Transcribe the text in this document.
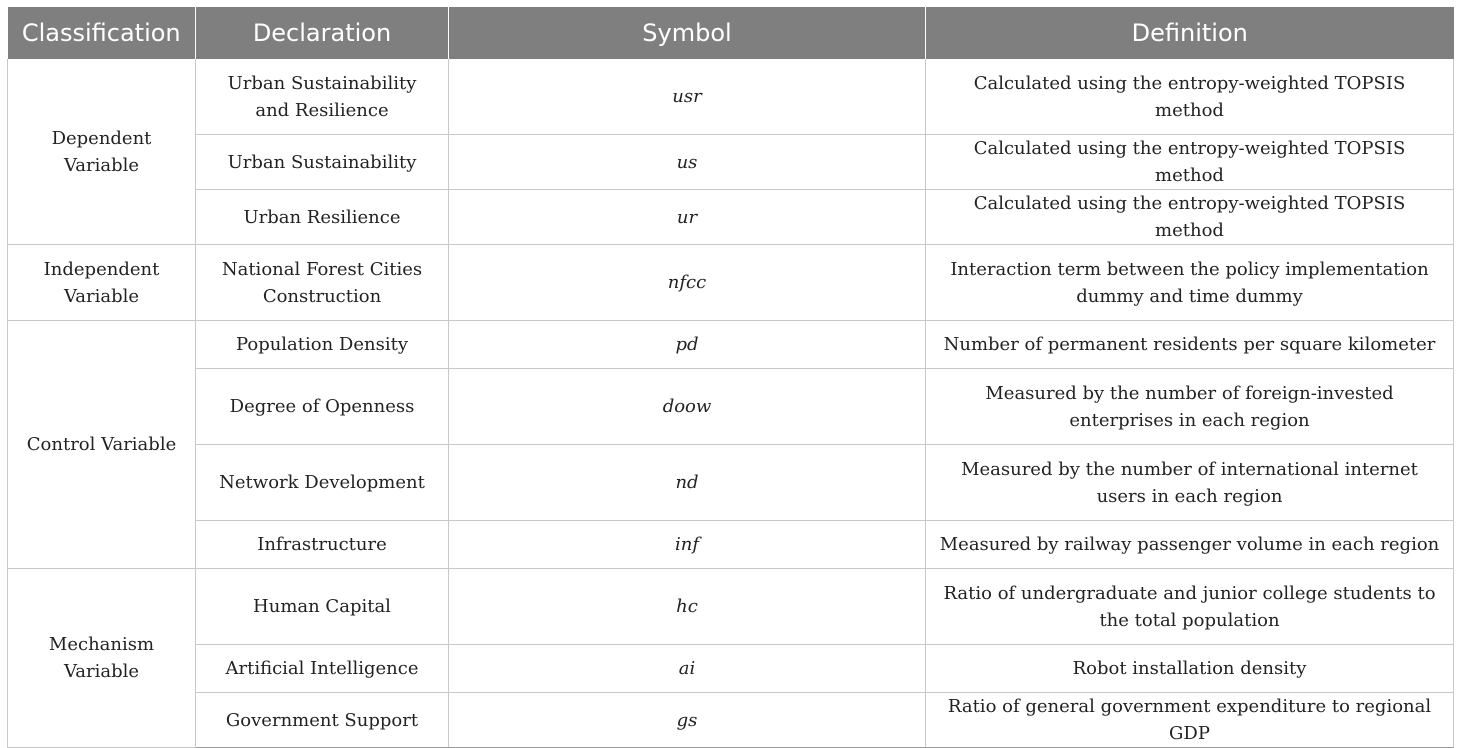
Classification	Declaration	Symbol	Definition
Dependent Variable	Urban Sustainability and Resilience	usr	Calculated using the entropy-weighted TOPSIS method
	Urban Sustainability	us	Calculated using the entropy-weighted TOPSIS method
	Urban Resilience	ur	Calculated using the entropy-weighted TOPSIS method
Independent Variable	National Forest Cities Construction	nfcc	Interaction term between the policy implementation dummy and time dummy
Control Variable	Population Density	pd	Number of permanent residents per square kilometer
	Degree of Openness	doow	Measured by the number of foreign-invested enterprises in each region
	Network Development	nd	Measured by the number of international internet users in each region
	Infrastructure	inf	Measured by railway passenger volume in each region
Mechanism Variable	Human Capital	hc	Ratio of undergraduate and junior college students to the total population
	Artificial Intelligence	ai	Robot installation density
	Government Support	gs	Ratio of general government expenditure to regional GDP
